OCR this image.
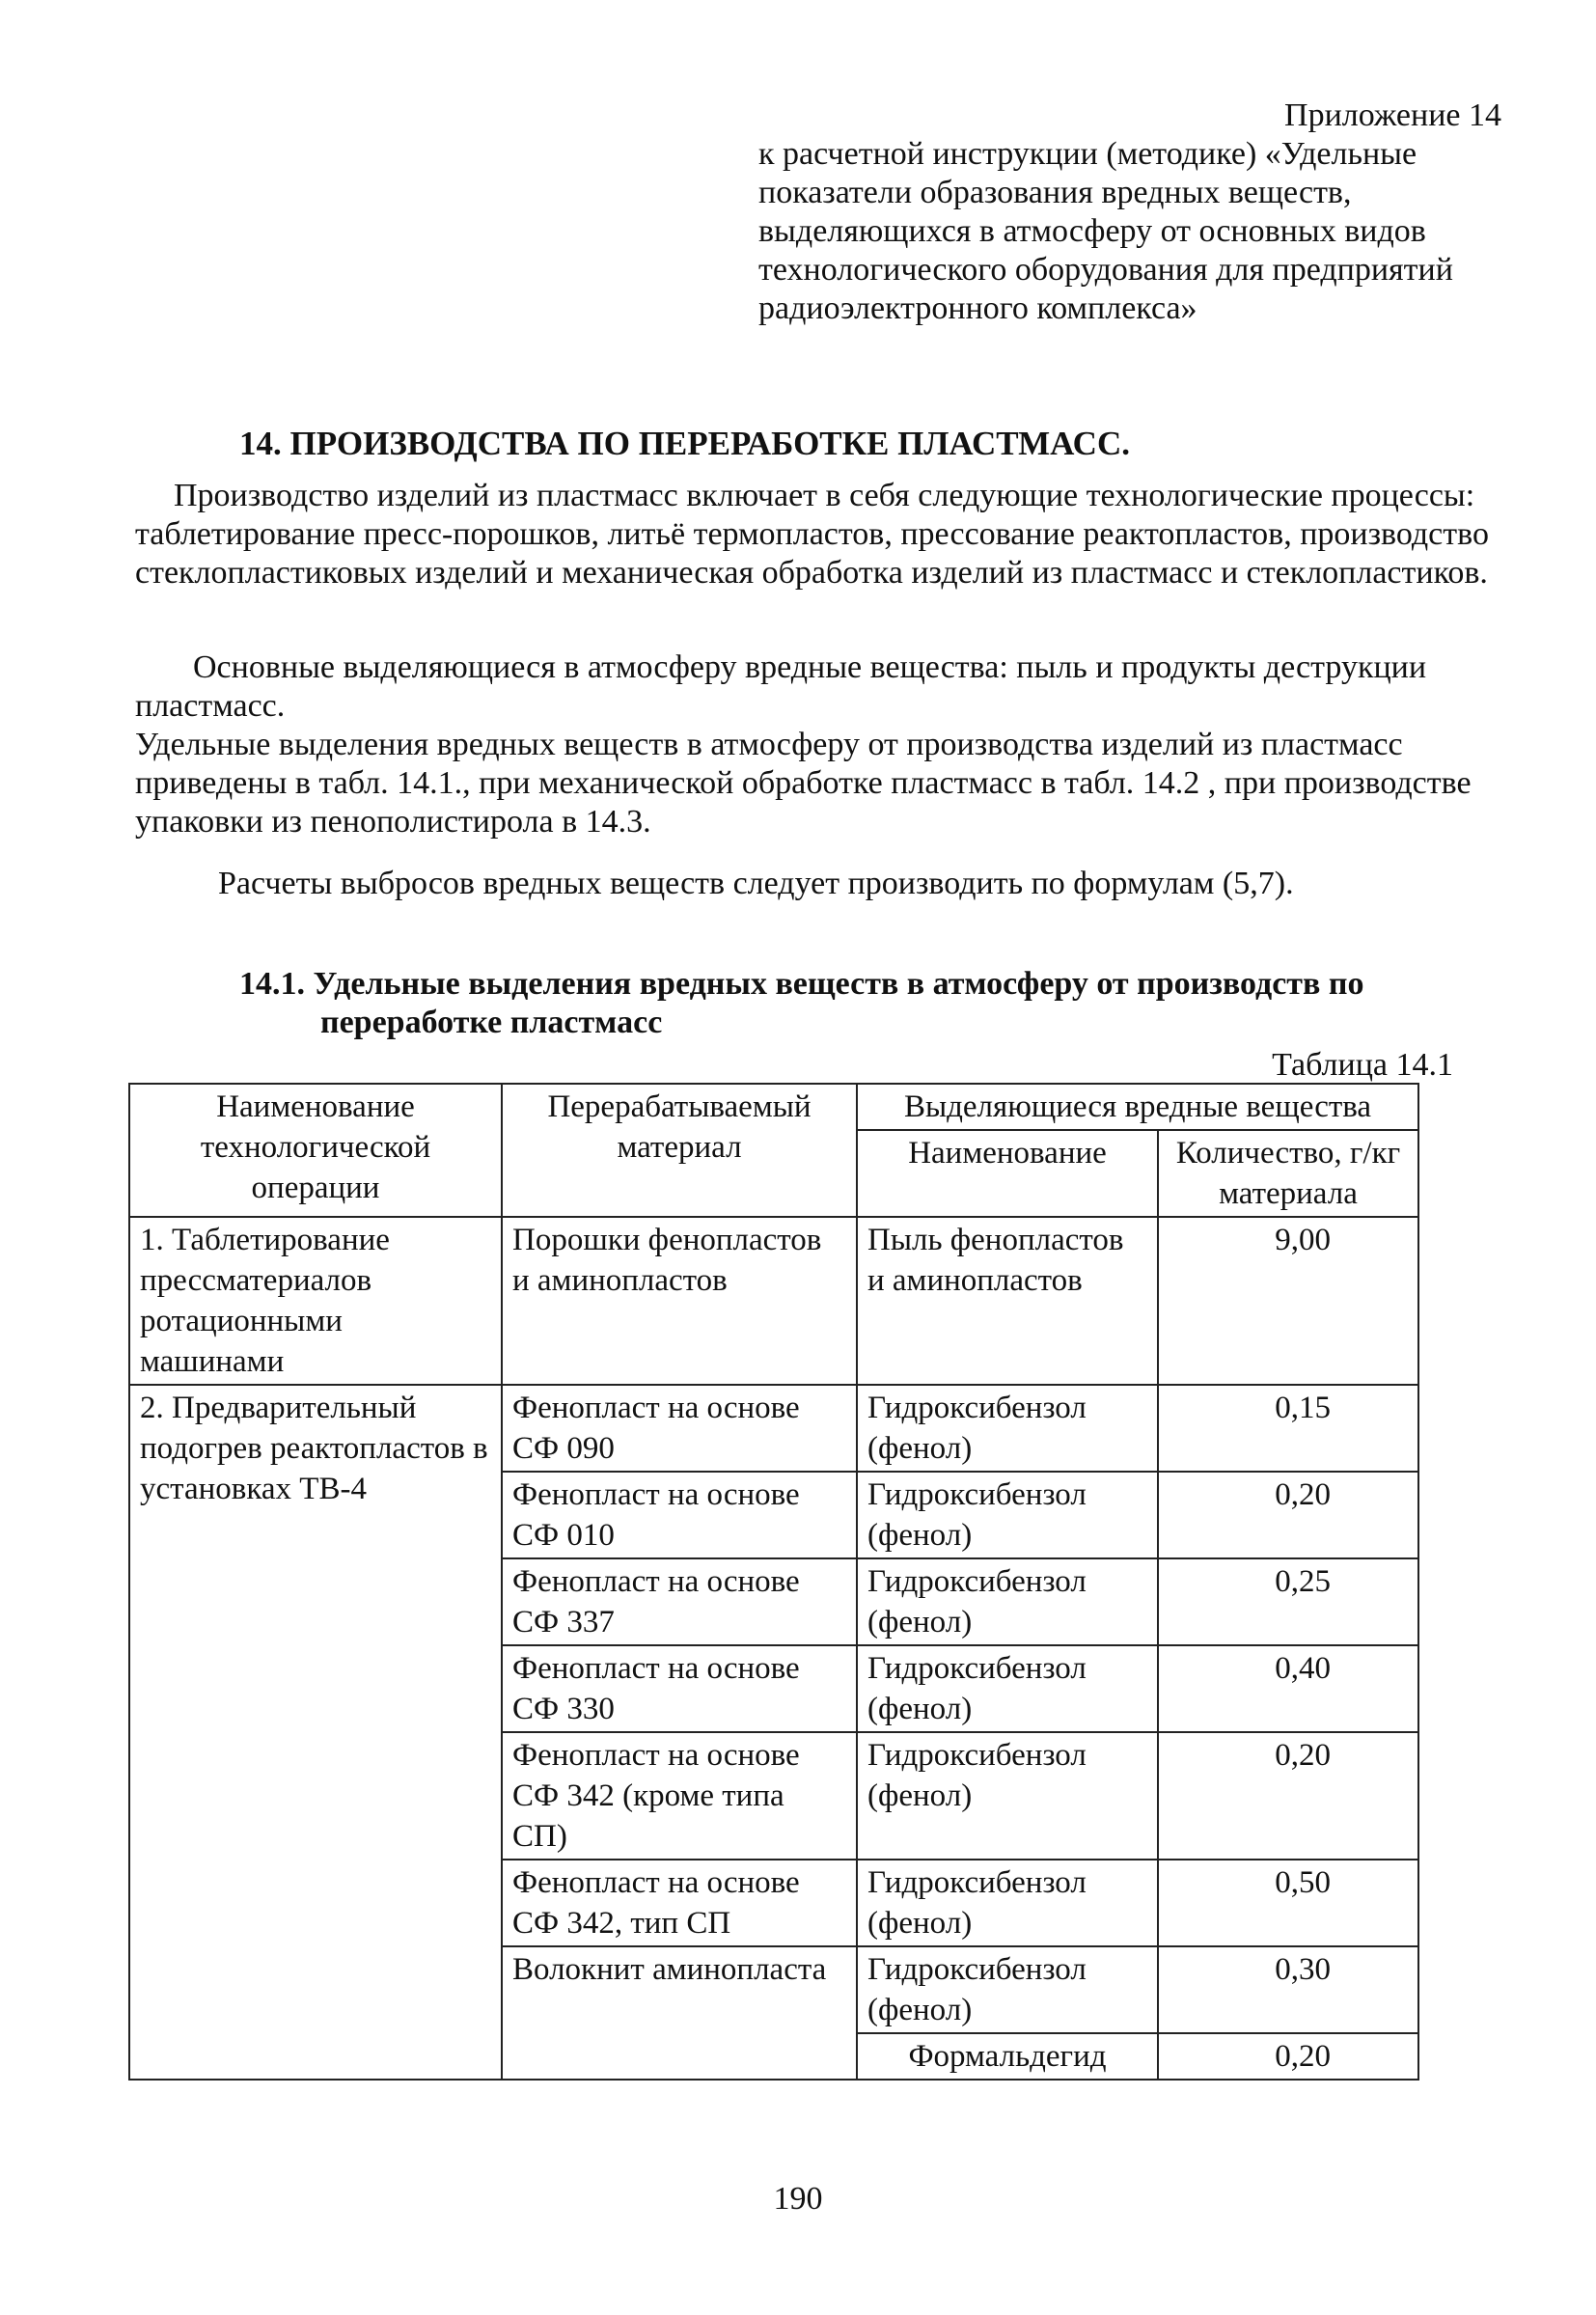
Приложение 14
к расчетной инструкции (методике) «Удельные показатели образования вредных веществ, выделяющихся в атмосферу от основных видов технологического оборудования для предприятий радиоэлектронного комплекса»
14. ПРОИЗВОДСТВА ПО ПЕРЕРАБОТКЕ ПЛАСТМАСС.
Производство изделий из пластмасс включает в себя следующие технологические процессы: таблетирование пресс-порошков, литьё термопластов, прессование реактопластов, производство стеклопластиковых изделий и механическая обработка изделий из пластмасс и стеклопластиков.
Основные выделяющиеся в атмосферу вредные вещества: пыль и продукты деструкции пластмасс.
Удельные выделения вредных веществ в атмосферу от производства изделий из пластмасс приведены в табл. 14.1., при механической обработке пластмасс в табл. 14.2 , при производстве упаковки из пенополистирола в 14.3.
Расчеты выбросов вредных веществ следует производить по формулам (5,7).
14.1. Удельные выделения вредных веществ в атмосферу от производств по
переработке пластмасс
Таблица 14.1
Наименование технологической операции	Перерабатываемый материал	Выделяющиеся вредные вещества	
		Наименование	Количество, г/кг материала
1. Таблетирование прессматериалов ротационными машинами	Порошки фенопластов и аминопластов	Пыль фенопластов и аминопластов	9,00
2. Предварительный подогрев реактопластов в установках ТВ-4	Фенопласт на основе СФ 090	Гидроксибензол (фенол)	0,15
	Фенопласт на основе СФ 010	Гидроксибензол (фенол)	0,20
	Фенопласт на основе СФ 337	Гидроксибензол (фенол)	0,25
	Фенопласт на основе СФ 330	Гидроксибензол (фенол)	0,40
	Фенопласт на основе СФ 342 (кроме типа СП)	Гидроксибензол (фенол)	0,20
	Фенопласт на основе СФ 342, тип СП	Гидроксибензол (фенол)	0,50
	Волокнит аминопласта	Гидроксибензол (фенол)	0,30
		Формальдегид	0,20
190
